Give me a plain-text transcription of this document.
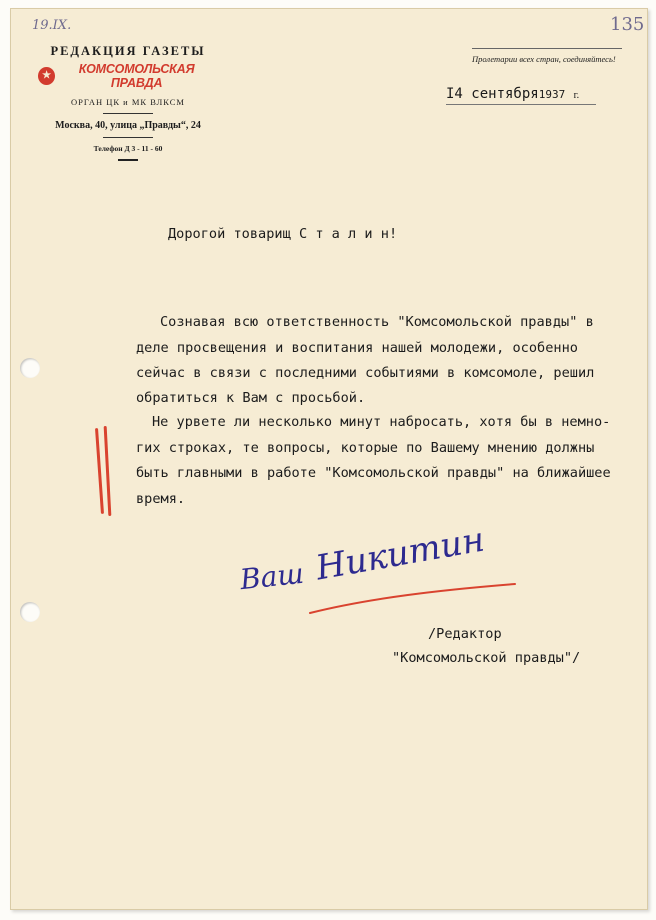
19.IX.	135
РЕДАКЦИЯ ГАЗЕТЫ
★	КОМСОМОЛЬСКАЯ ПРАВДА
ОРГАН ЦК и МК ВЛКСМ
Москва, 40, улица „Правды“, 24
Телефон Д 3 - 11 - 60
Пролетарии всех стран, соединяйтесь!
I4 сентября1937 г.
Дорогой товарищ С т а л и н!
Сознавая всю ответственность "Комсомольской правды" в
деле просвещения и воспитания нашей молодежи, особенно
сейчас в связи с последними событиями в комсомоле, решил
обратиться к Вам с просьбой.
Не урвете ли несколько минут набросать, хотя бы в немно-
гих строках, те вопросы, которые по Вашему мнению должны
быть главными в работе "Комсомольской правды" на ближайшее
время.
Ваш Никитин
/Редактор
"Комсомольской правды"/
